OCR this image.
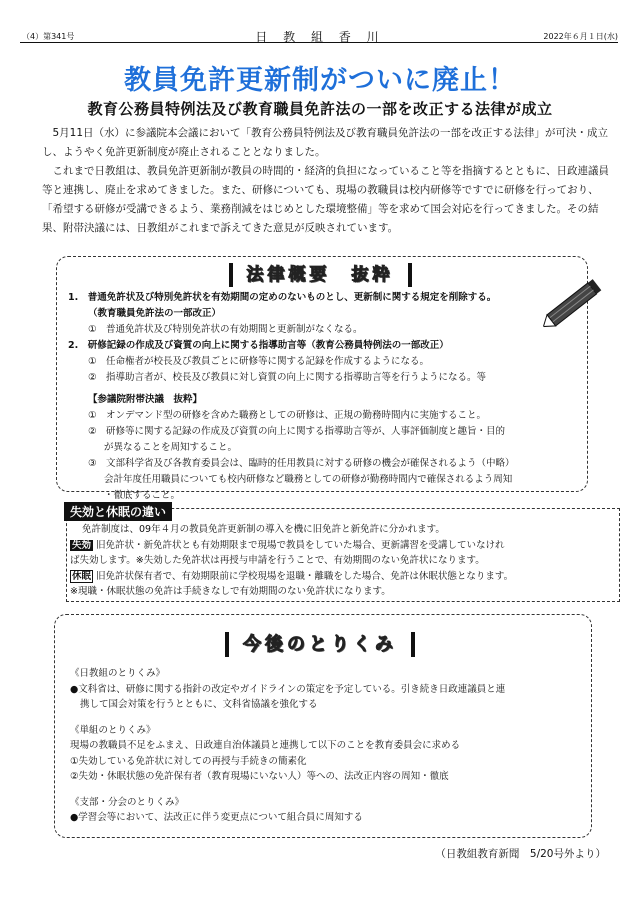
（4）第341号	日 教 組 香 川	2022年６月１日(水)
教員免許更新制がついに廃止！
教育公務員特例法及び教育職員免許法の一部を改正する法律が成立

5月11日（水）に参議院本会議において「教育公務員特例法及び教育職員免許法の一部を改正する法律」が可決・成立し、ようやく免許更新制度が廃止されることとなりました。

これまで日教組は、教員免許更新制が教員の時間的・経済的負担になっていること等を指摘するとともに、日政連議員等と連携し、廃止を求めてきました。また、研修についても、現場の教職員は校内研修等ですでに研修を行っており、「希望する研修が受講できるよう、業務削減をはじめとした環境整備」等を求めて国会対応を行ってきました。その結果、附帯決議には、日教組がこれまで訴えてきた意見が反映されています。

法律概要　抜粋
1.　普通免許状及び特別免許状を有効期間の定めのないものとし、更新制に関する規定を削除する。
（教育職員免許法の一部改正）
①　普通免許状及び特別免許状の有効期間と更新制がなくなる。
2.　研修記録の作成及び資質の向上に関する指導助言等（教育公務員特例法の一部改正）
①　任命権者が校長及び教員ごとに研修等に関する記録を作成するようになる。
②　指導助言者が、校長及び教員に対し資質の向上に関する指導助言等を行うようになる。等
【参議院附帯決議　抜粋】
①　オンデマンド型の研修を含めた職務としての研修は、正規の勤務時間内に実施すること。
②　研修等に関する記録の作成及び資質の向上に関する指導助言等が、人事評価制度と趣旨・目的
が異なることを周知すること。
③　文部科学省及び各教育委員会は、臨時的任用教員に対する研修の機会が確保されるよう（中略）
会計年度任用職員についても校内研修など職務としての研修が勤務時間内で確保されるよう周知
・徹底すること。
失効と休眠の違い
免許制度は、09年４月の教員免許更新制の導入を機に旧免許と新免許に分かれます。
失効 旧免許状・新免許状とも有効期限まで現場で教員をしていた場合、更新講習を受講していなけれ
ば失効します。※失効した免許状は再授与申請を行うことで、有効期間のない免許状になります。
休眠 旧免許状保有者で、有効期限前に学校現場を退職・離職をした場合、免許は休眠状態となります。
※現職・休眠状態の免許は手続きなしで有効期間のない免許状になります。
今後のとりくみ
《日教組のとりくみ》
●文科省は、研修に関する指針の改定やガイドラインの策定を予定している。引き続き日政連議員と連
携して国会対策を行うとともに、文科省協議を強化する
《単組のとりくみ》
現場の教職員不足をふまえ、日政連自治体議員と連携して以下のことを教育委員会に求める
①失効している免許状に対しての再授与手続きの簡素化
②失効・休眠状態の免許保有者（教育現場にいない人）等への、法改正内容の周知・徹底
《支部・分会のとりくみ》
●学習会等において、法改正に伴う変更点について組合員に周知する
（日教組教育新聞　5/20号外より）
